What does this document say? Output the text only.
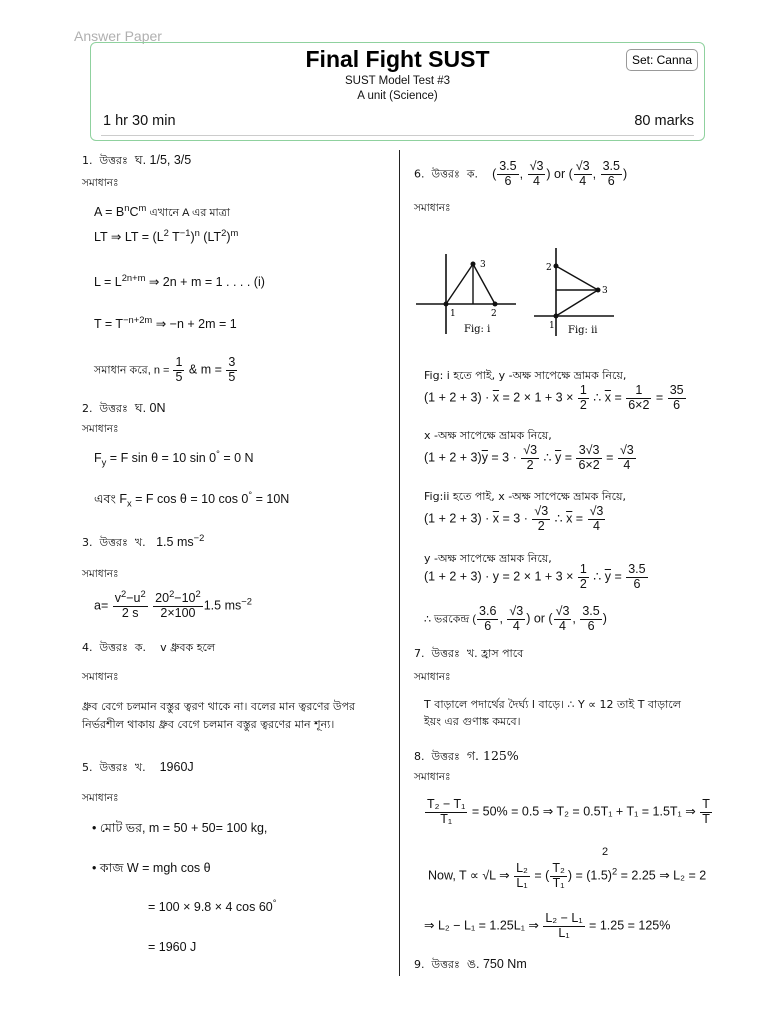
Answer Paper
Final Fight SUST	Set: Canna
SUST Model Test #3
A unit (Science)
1 hr 30 min	80 marks
1. উত্তরঃ ঘ. 1/5, 3/5
সমাধানঃ
$A = B^nC^m$ এখানে A এর মাত্রা
LT ⇒ LT = ($L^2$ $T^{-1})^n$ $(LT^2)^m$
$L = L^{2n+m}$ ⇒ 2n + m = 1 . . . . (i)
$T = T^{-n+2m}$ ⇒ −n + 2m = 1
সমাধান করে, $n = \frac{1}{5}$ & $m = \frac{3}{5}$
2. উত্তরঃ ঘ. 0N
সমাধানঃ
$F_y = F$ sin θ = 10 sin 0° = 0 N
এবং $F_x = F$ cos θ = 10 cos 0° = 10N
3.  উত্তরঃ খ. 1.5 $ms^{-2}$
সমাধানঃ
$a= \frac{v^2-u^2}{2 s}$
$\frac{20^2-10^2}{2\times 100} 1.5$ $ms^{-2}$
4. উত্তরঃ ক. v ধ্রুবক হলে
সমাধানঃ
ধ্রুব বেগে চলমান বস্তুর ত্বরণ থাকে না। বলের মান ত্বরণের উপর
নির্ভরশীল থাকায় ধ্রুব বেগে চলমান বস্তুর ত্বরণের মান শূন্য।
5. উত্তরঃ খ. 1960J
সমাধানঃ
• মোট ভর, m = 50 + 50= 100 kg,
• কাজ W = mgh cos θ
= 100 × 9.8 × 4 cos 60°
= 1960 J
6. উত্তরঃ ক. ( $\frac{3.5}{6}$ , $\frac{√3}{4}$ ) or ( $\frac{√3}{4}$ , $\frac{3.5}{6}$ )
সমাধানঃ
1	2
3
Fig: i
2
3
1 Fig: ii
Fig: i হতে পাই, y -অক্ষ সাপেক্ষে ভ্রামক নিয়ে,
$(1 + 2 + 3) \cdot \overline{x} = 2 \times 1 + 3 \times \frac{1}{2}$ ∴ $\overline{x} = \frac{1}{6\times 2} = \frac{35}{6}$
x -অক্ষ সাপেক্ষে ভ্রামক নিয়ে,
$(1 + 2 + 3)\overline{y} = 3 \cdot \frac{√3}{2}$ ∴ $\overline{y} = \frac{3√3}{6\times 2} = \frac{√3}{4}$
Fig:ii হতে পাই, x -অক্ষ সাপেক্ষে ভ্রামক নিয়ে,
$(1 + 2 + 3) \cdot \overline{x} = 3 \cdot \frac{√3}{2}$ ∴ $\overline{x} = \frac{√3}{4}$
y -অক্ষ সাপেক্ষে ভ্রামক নিয়ে,
$(1 + 2 + 3) \cdot y = 2 \times 1 + 3 \times \frac{1}{2}$ ∴ $\overline{y} = \frac{3.5}{6}$
∴ ভরকেন্দ্র ( $\frac{3.6}{6}$ , $\frac{√3}{4}$ ) or ( $\frac{√3}{4}$ , $\frac{3.5}{6}$ )
7. উত্তরঃ খ. হ্রাস পাবে
সমাধানঃ
T বাড়ালে পদার্থের দৈর্ঘ্য l বাড়ে। ∴ Y ∝ 12 তাই T বাড়ালে
ইয়ং এর গুণাঙ্ক কমবে।
8. উত্তরঃ গ. 125%
সমাধানঃ
$\frac{\text{T₂ − T₁}}{\text{T₁}} = 50\% = 0.5$ ⇒ T₂ = 0.5T₁ + T₁ = 1.5T₁ ⇒ $\frac{T}{T}$
2
Now, T ∝ √L ⇒ $\frac{\text{L₂}}{\text{L₁}}$ = ( $\frac{\text{T₂}}{\text{T₁}}$ ) = $(1.5)^2 = 2.25$ ⇒ L₂ = 2
⇒ L₂ − L₁ = 1.25L₁ ⇒ $\frac{\text{L₂ − L₁}}{\text{L₁}} = 1.25 = 125\%$
9. উত্তরঃ ঙ. 750 Nm
